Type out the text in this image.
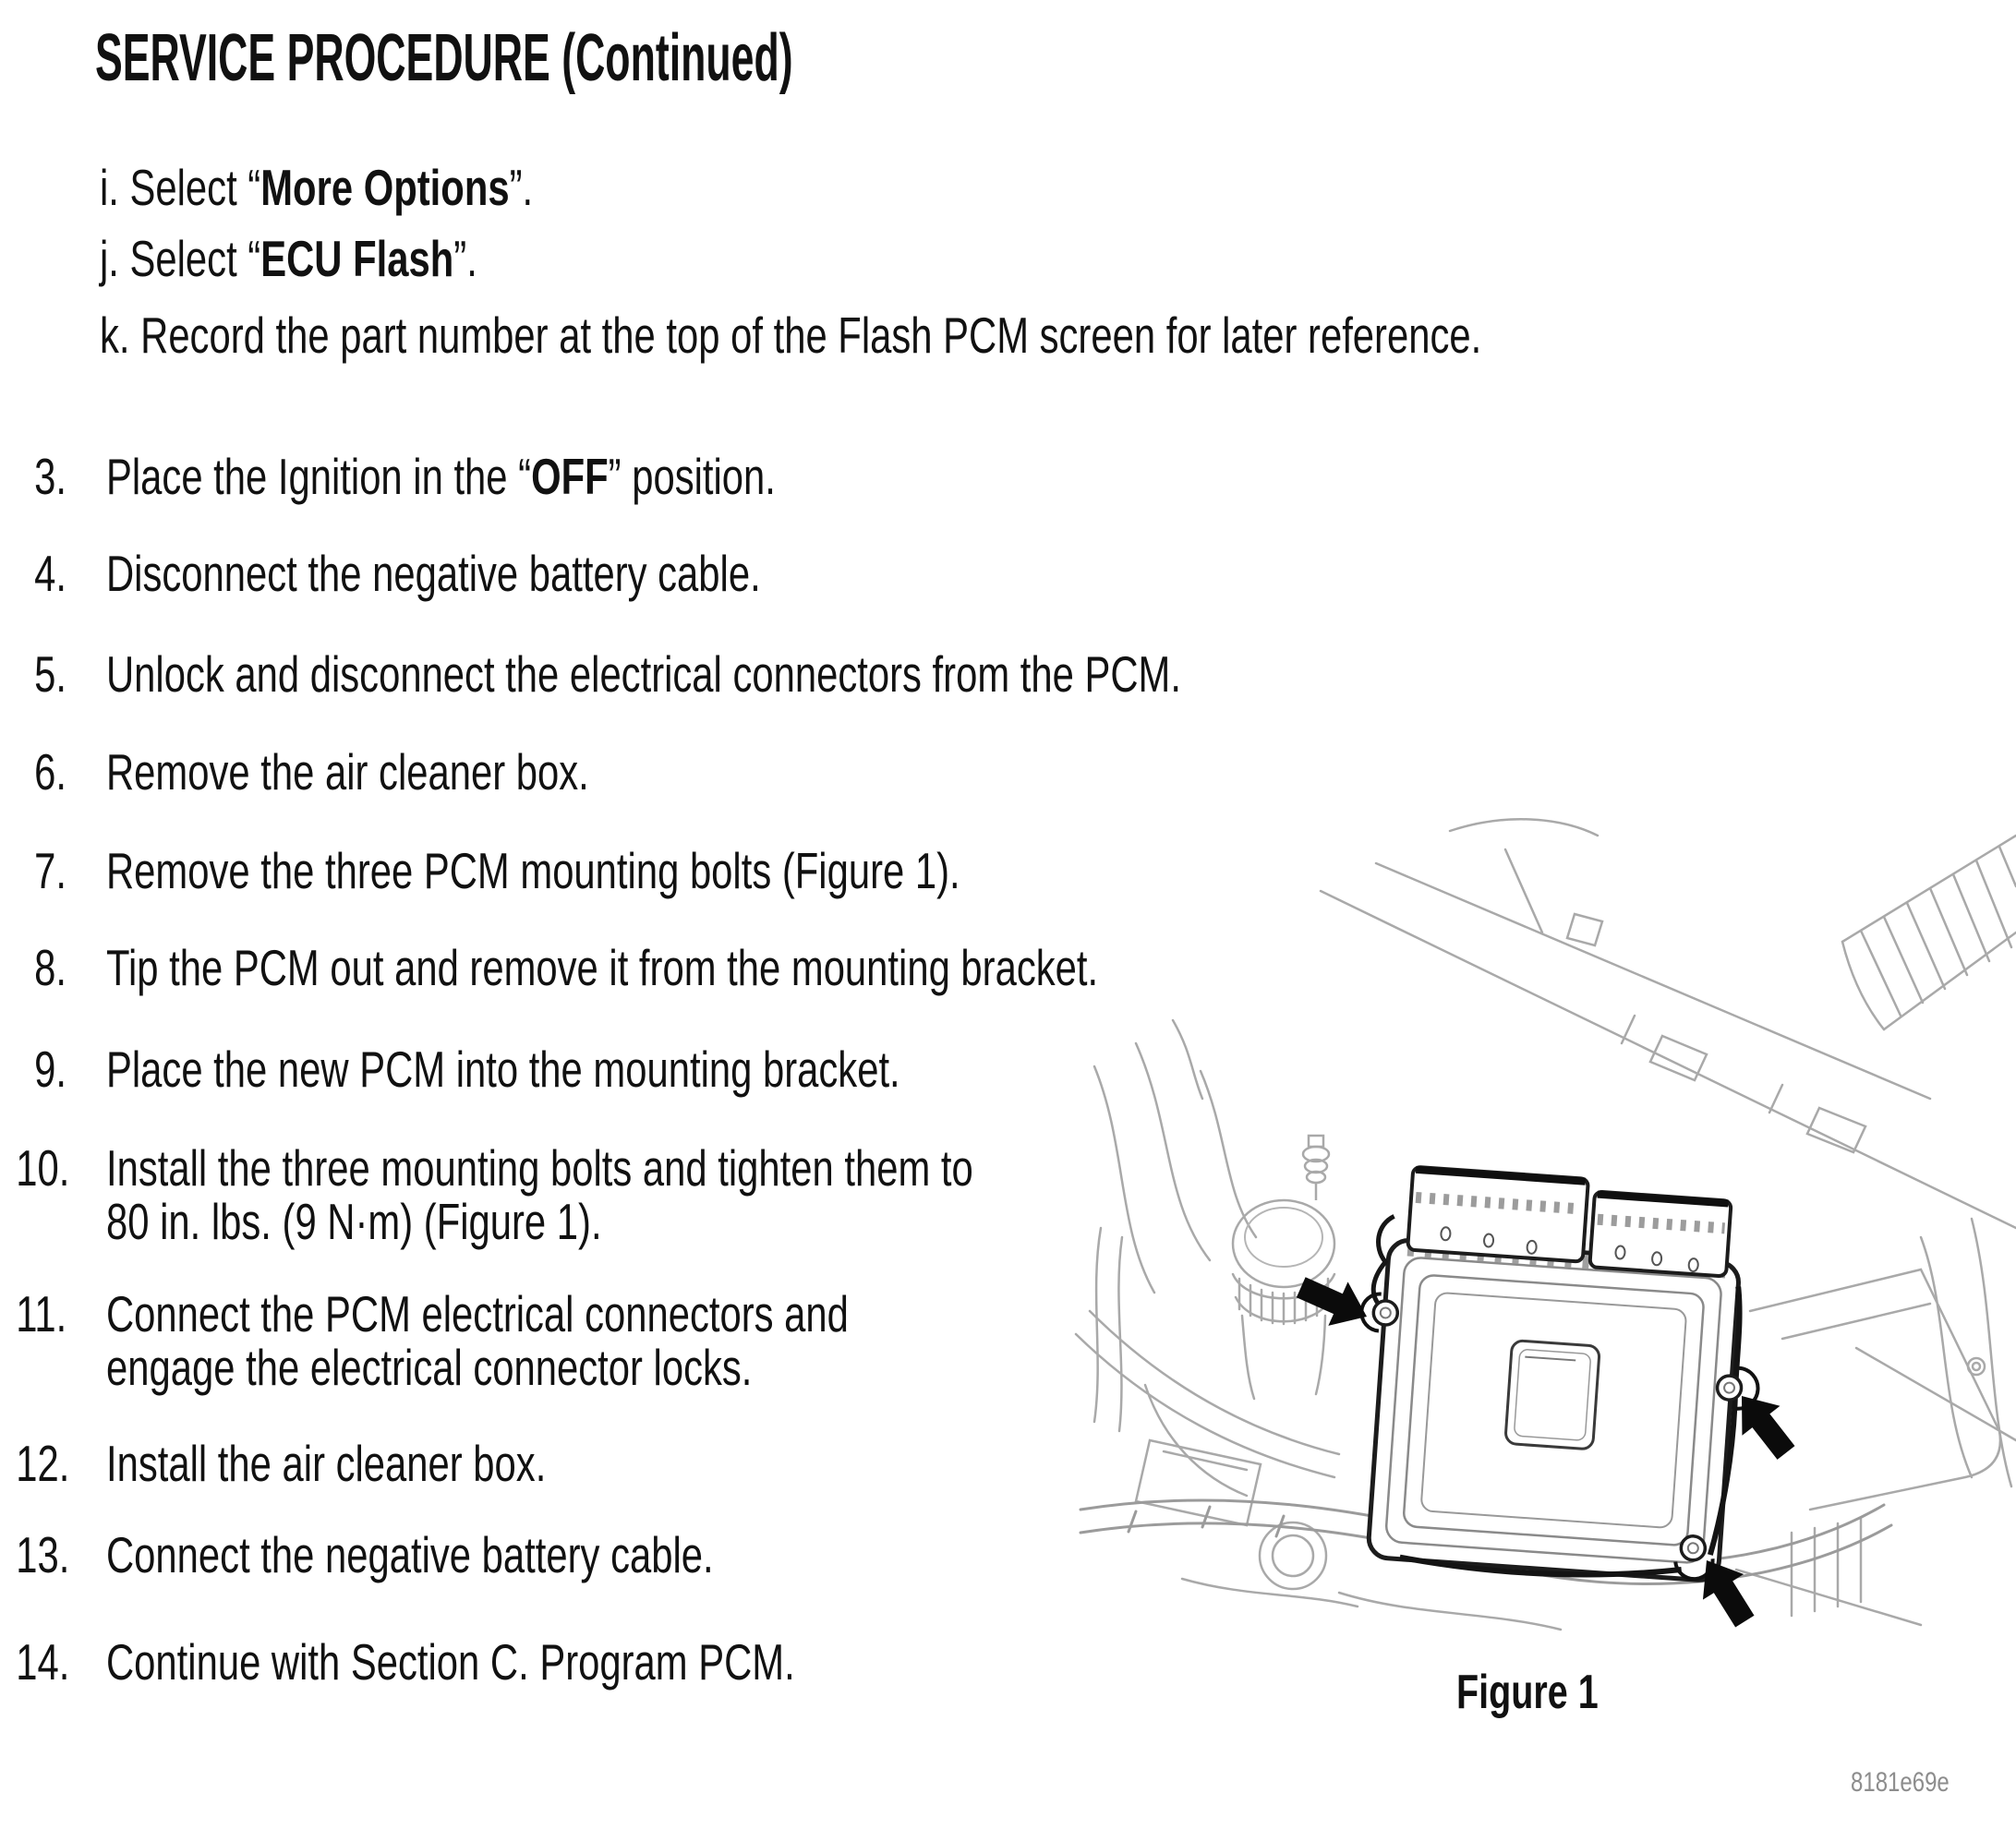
SERVICE PROCEDURE (Continued)
i. Select “More Options”.
j. Select “ECU Flash”.
k. Record the part number at the top of the Flash PCM screen for later reference.
3. Place the Ignition in the “OFF” position.
4. Disconnect the negative battery cable.
5. Unlock and disconnect the electrical connectors from the PCM.
6. Remove the air cleaner box.
7. Remove the three PCM mounting bolts (Figure 1).
8. Tip the PCM out and remove it from the mounting bracket.
9. Place the new PCM into the mounting bracket.
10. Install the three mounting bolts and tighten them to
80 in. lbs. (9 N·m) (Figure 1).
11. Connect the PCM electrical connectors and
engage the electrical connector locks.
12. Install the air cleaner box.
13. Connect the negative battery cable.
14. Continue with Section C. Program PCM.
Figure 1
8181e69e
